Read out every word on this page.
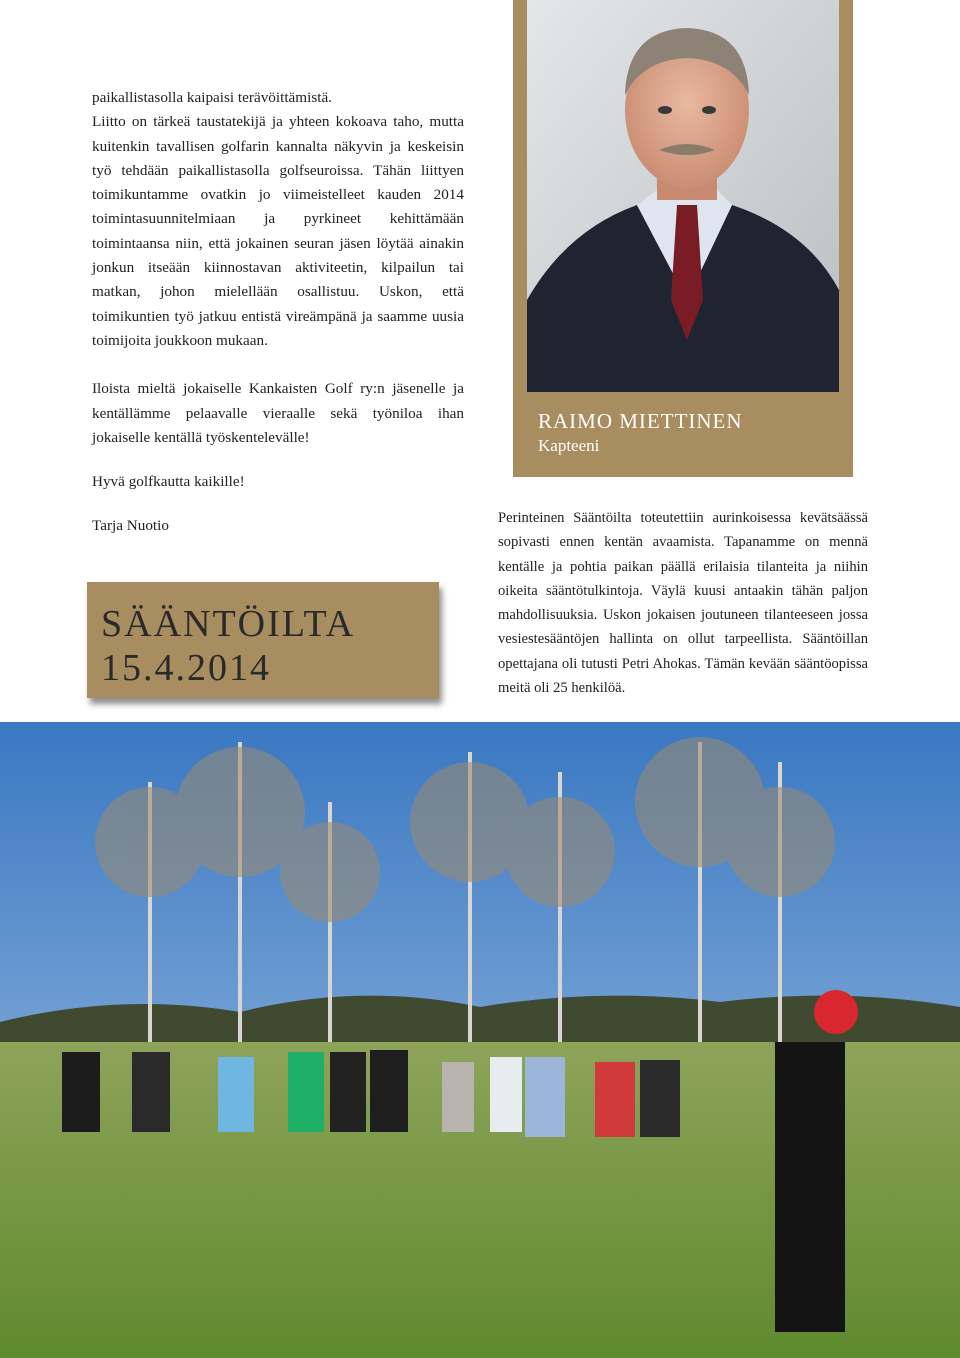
paikallistasolla kaipaisi terävöittämistä.

Liitto on tärkeä taustatekijä ja yhteen kokoava taho, mutta kuitenkin tavallisen golfarin kannalta näkyvin ja keskeisin työ tehdään paikallistasolla golfseuroissa. Tähän liittyen toimikuntamme ovatkin jo viimeistelleet kauden 2014 toimintasuunnitelmiaan ja pyrkineet kehittämään toimintaansa niin, että jokainen seuran jäsen löytää ainakin jonkun itseään kiinnostavan aktiviteetin, kilpailun tai matkan, johon mielellään osallistuu. Uskon, että toimikuntien työ jatkuu entistä vireämpänä ja saamme uusia toimijoita joukkoon mukaan.

Iloista mieltä jokaiselle Kankaisten Golf ry:n jäsenelle ja kentällämme pelaavalle vieraalle sekä työniloa ihan jokaiselle kentällä työskentelevälle!

Hyvä golfkautta kaikille!

Tarja Nuotio

RAIMO MIETTINEN
Kapteeni

Perinteinen Sääntöilta toteutettiin aurinkoisessa kevätsäässä sopivasti ennen kentän avaamista. Tapanamme on mennä kentälle ja pohtia paikan päällä erilaisia tilanteita ja niihin oikeita sääntötulkintoja. Väylä kuusi antaakin tähän paljon mahdollisuuksia. Uskon jokaisen joutuneen tilanteeseen jossa vesiestesääntöjen hallinta on ollut tarpeellista. Sääntöillan opettajana oli tutusti Petri Ahokas. Tämän kevään sääntöopissa meitä oli 25 henkilöä.

SÄÄNTÖILTA
15.4.2014
